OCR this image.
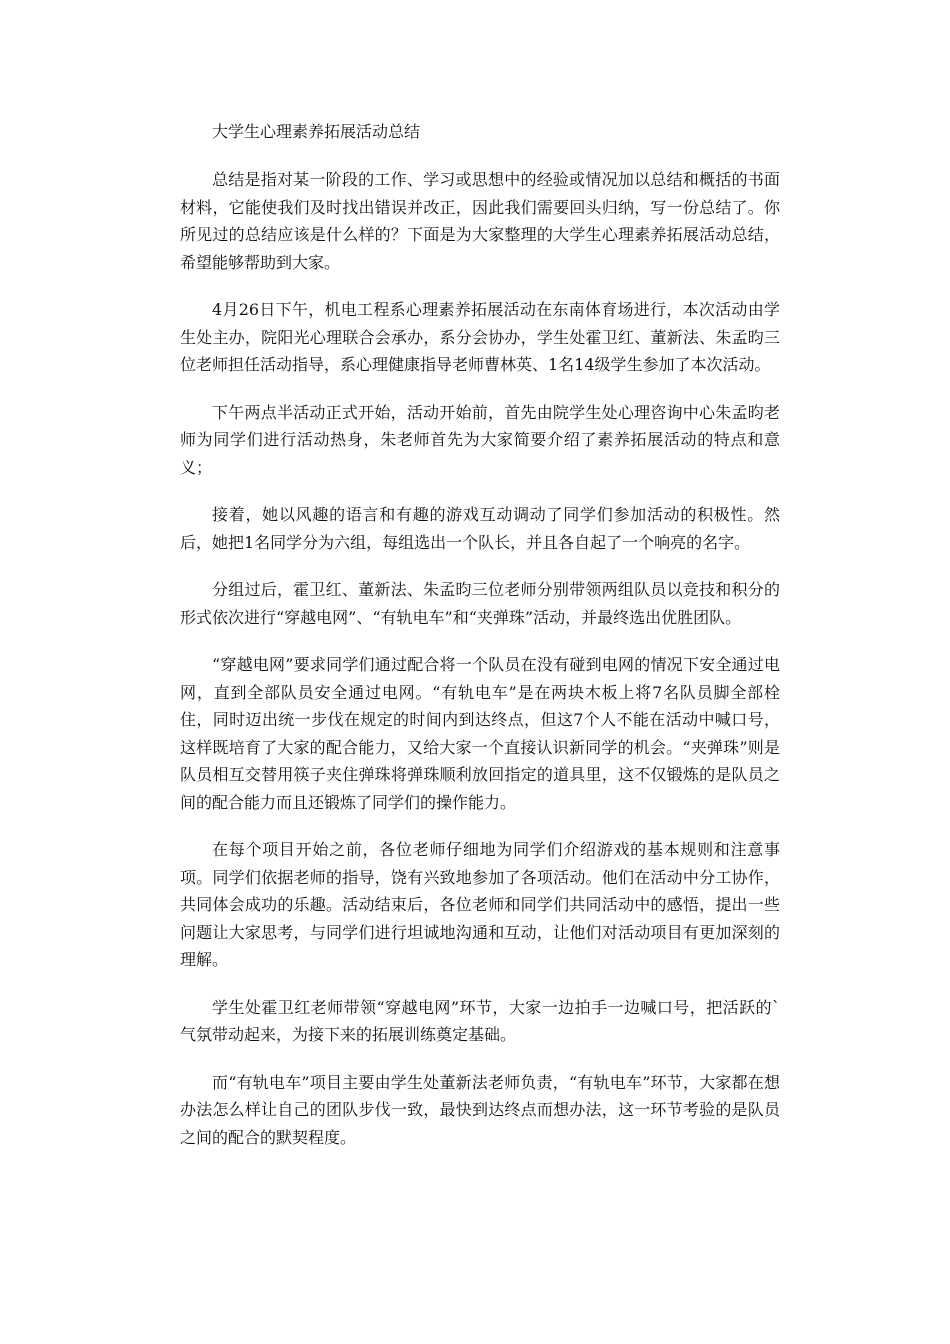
大学生心理素养拓展活动总结

总结是指对某一阶段的工作、学习或思想中的经验或情况加以总结和概括的书面材料，它能使我们及时找出错误并改正，因此我们需要回头归纳，写一份总结了。你所见过的总结应该是什么样的？下面是为大家整理的大学生心理素养拓展活动总结，希望能够帮助到大家。

4月26日下午，机电工程系心理素养拓展活动在东南体育场进行，本次活动由学生处主办，院阳光心理联合会承办，系分会协办，学生处霍卫红、董新法、朱孟昀三位老师担任活动指导，系心理健康指导老师曹林英、1名14级学生参加了本次活动。

下午两点半活动正式开始，活动开始前，首先由院学生处心理咨询中心朱孟昀老师为同学们进行活动热身，朱老师首先为大家简要介绍了素养拓展活动的特点和意义；

接着，她以风趣的语言和有趣的游戏互动调动了同学们参加活动的积极性。然后，她把1名同学分为六组，每组选出一个队长，并且各自起了一个响亮的名字。

分组过后，霍卫红、董新法、朱孟昀三位老师分别带领两组队员以竞技和积分的形式依次进行“穿越电网”、“有轨电车”和“夹弹珠”活动，并最终选出优胜团队。

“穿越电网”要求同学们通过配合将一个队员在没有碰到电网的情况下安全通过电网，直到全部队员安全通过电网。“有轨电车”是在两块木板上将7名队员脚全部栓住，同时迈出统一步伐在规定的时间内到达终点，但这7个人不能在活动中喊口号，这样既培育了大家的配合能力，又给大家一个直接认识新同学的机会。“夹弹珠”则是队员相互交替用筷子夹住弹珠将弹珠顺利放回指定的道具里，这不仅锻炼的是队员之间的配合能力而且还锻炼了同学们的操作能力。

在每个项目开始之前，各位老师仔细地为同学们介绍游戏的基本规则和注意事项。同学们依据老师的指导，饶有兴致地参加了各项活动。他们在活动中分工协作，共同体会成功的乐趣。活动结束后，各位老师和同学们共同活动中的感悟，提出一些问题让大家思考，与同学们进行坦诚地沟通和互动，让他们对活动项目有更加深刻的理解。

学生处霍卫红老师带领“穿越电网”环节，大家一边拍手一边喊口号，把活跃的`气氛带动起来，为接下来的拓展训练奠定基础。

而“有轨电车”项目主要由学生处董新法老师负责，“有轨电车”环节，大家都在想办法怎么样让自己的团队步伐一致，最快到达终点而想办法，这一环节考验的是队员之间的配合的默契程度。
